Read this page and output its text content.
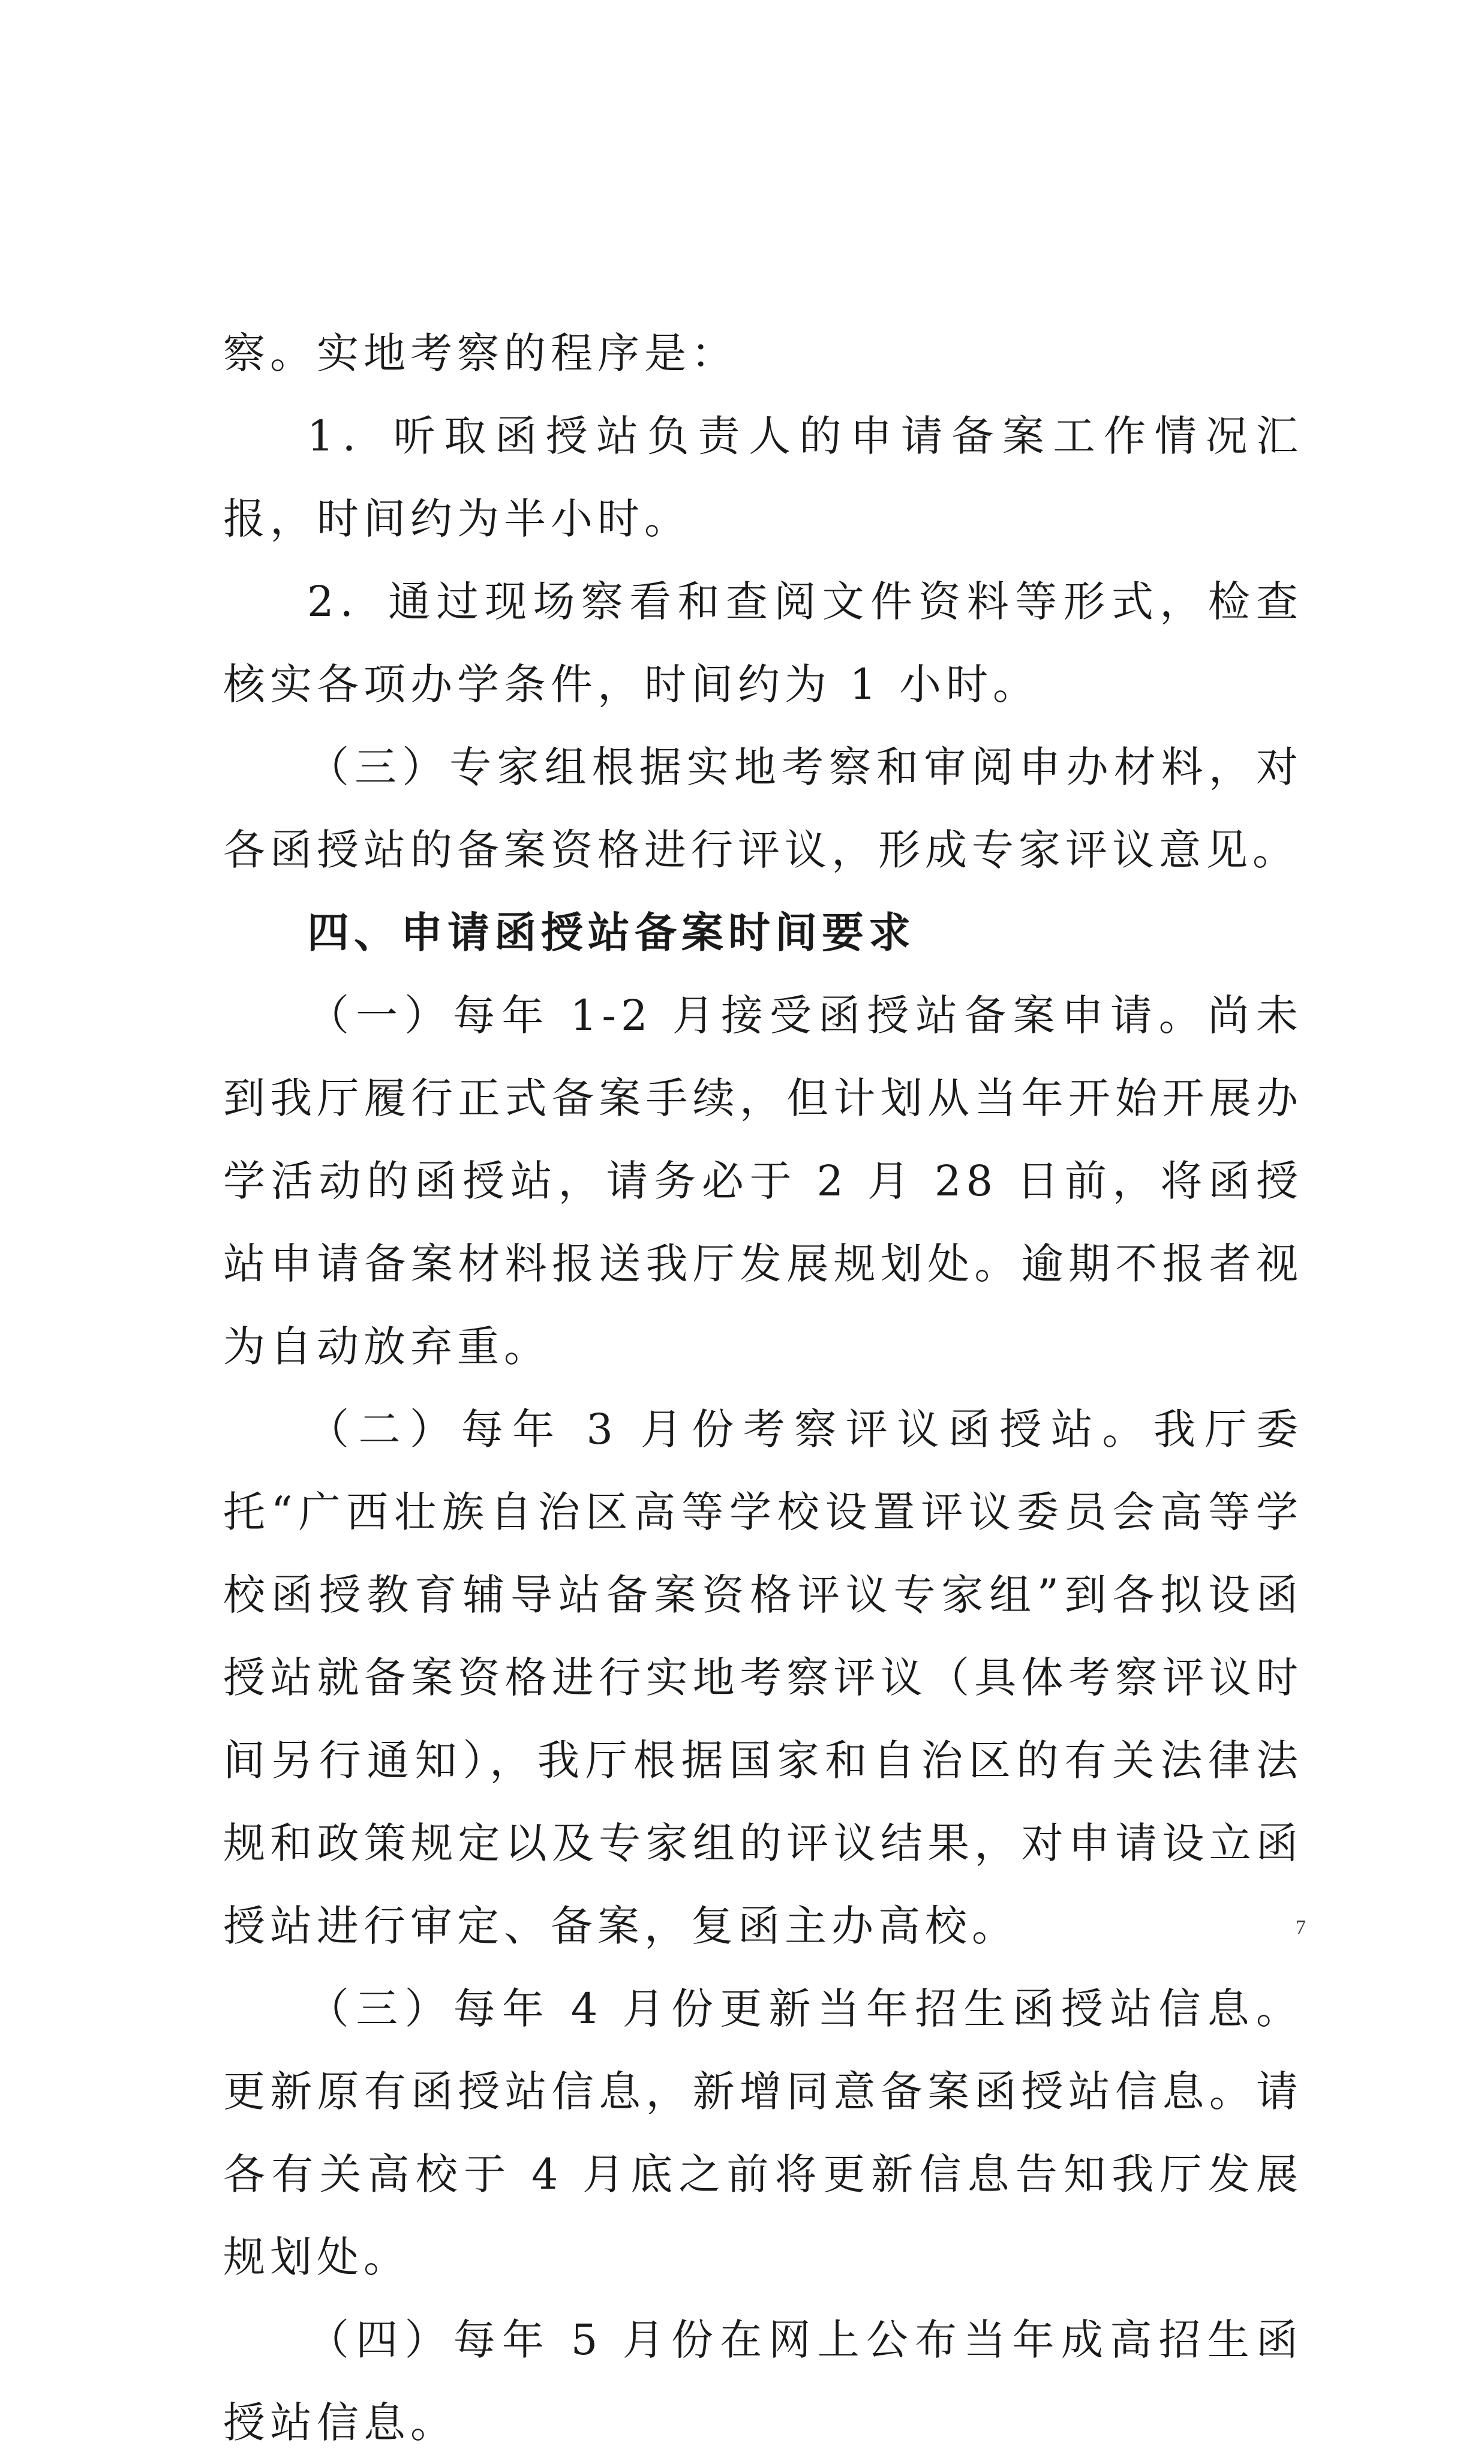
察。实地考察的程序是：

1．听取函授站负责人的申请备案工作情况汇报，时间约为半小时。

2．通过现场察看和查阅文件资料等形式，检查核实各项办学条件，时间约为 1 小时。

（三）专家组根据实地考察和审阅申办材料，对各函授站的备案资格进行评议，形成专家评议意见。

四、申请函授站备案时间要求

（一）每年 1-2 月接受函授站备案申请。尚未到我厅履行正式备案手续，但计划从当年开始开展办学活动的函授站，请务必于 2 月 28 日前，将函授站申请备案材料报送我厅发展规划处。逾期不报者视为自动放弃重。

（二）每年 3 月份考察评议函授站。我厅委托“广西壮族自治区高等学校设置评议委员会高等学校函授教育辅导站备案资格评议专家组”到各拟设函授站就备案资格进行实地考察评议（具体考察评议时间另行通知），我厅根据国家和自治区的有关法律法规和政策规定以及专家组的评议结果，对申请设立函授站进行审定、备案，复函主办高校。

（三）每年 4 月份更新当年招生函授站信息。更新原有函授站信息，新增同意备案函授站信息。请各有关高校于 4 月底之前将更新信息告知我厅发展规划处。

（四）每年 5 月份在网上公布当年成高招生函授站信息。

7
